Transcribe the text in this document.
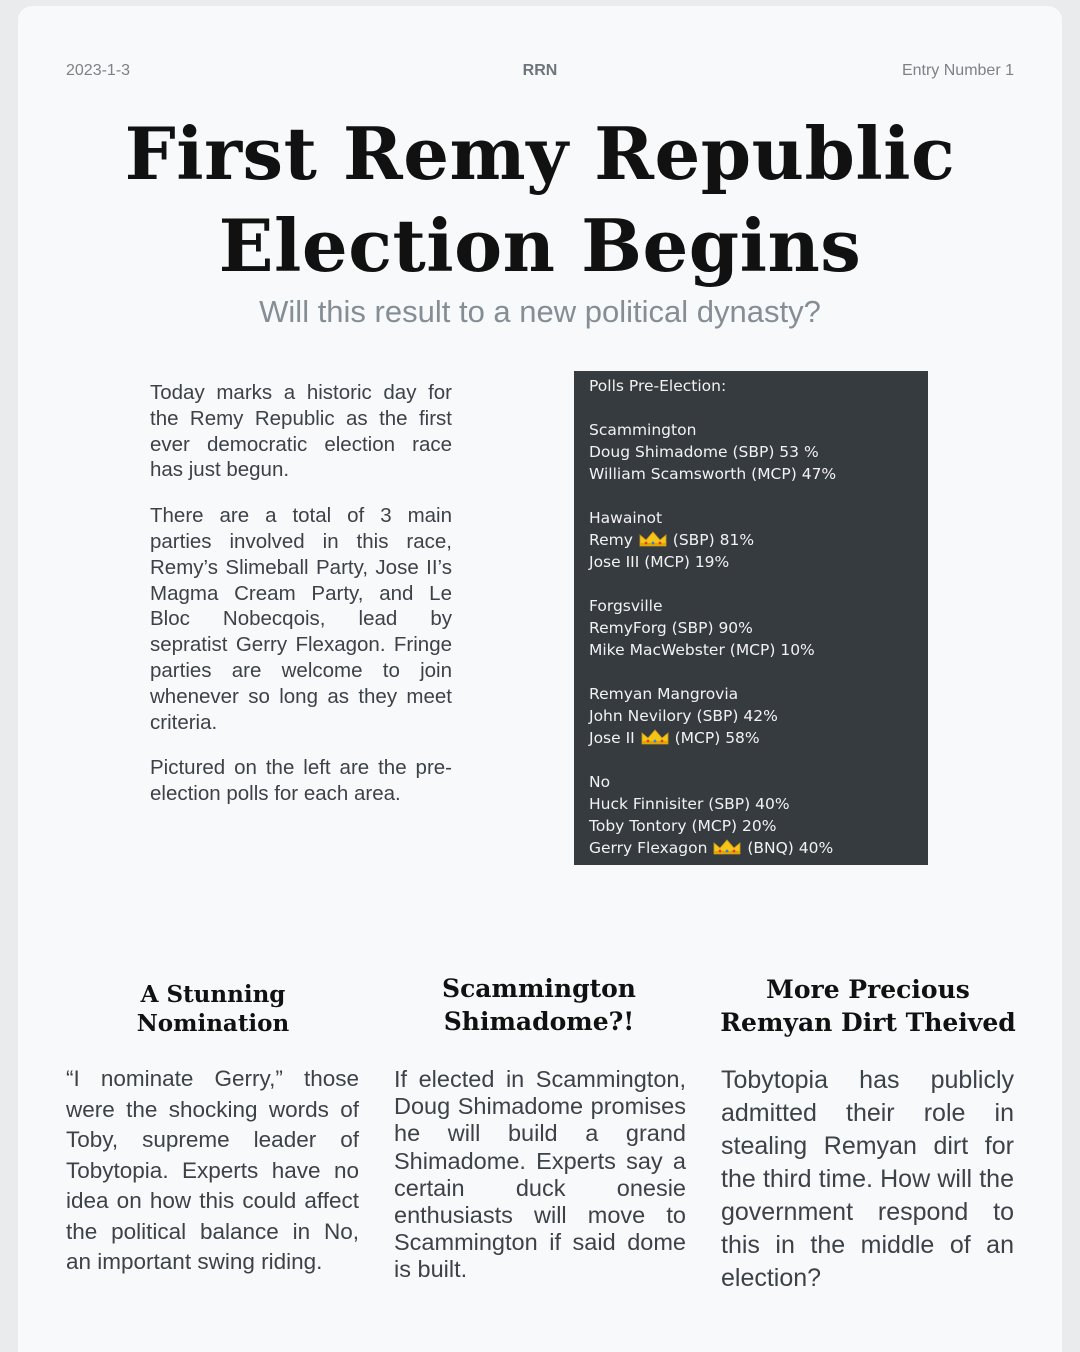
2023-1-3	RRN	Entry Number 1
First Remy Republic
Election Begins
Will this result to a new political dynasty?

Today marks a historic day for the Remy Republic as the first ever democratic election race has just begun.

There are a total of 3 main parties involved in this race, Remy’s Slimeball Party, Jose II’s Magma Cream Party, and Le Bloc Nobecqois, lead by sepratist Gerry Flexagon. Fringe parties are welcome to join whenever so long as they meet criteria.

Pictured on the left are the pre-election polls for each area.

Polls Pre-Election:
Scammington
Doug Shimadome (SBP) 53 %
William Scamsworth (MCP) 47%
Hawainot
Remy	(SBP) 81%
Jose III (MCP) 19%
Forgsville
RemyForg (SBP) 90%
Mike MacWebster (MCP) 10%
Remyan Mangrovia
John Nevilory (SBP) 42%
Jose II	(MCP) 58%
No
Huck Finnisiter (SBP) 40%
Toby Tontory (MCP) 20%
Gerry Flexagon	(BNQ) 40%
A Stunning
Nomination
Scammington
Shimadome?!
More Precious
Remyan Dirt Theived
“I nominate Gerry,” those were the shocking words of Toby, supreme leader of Tobytopia. Experts have no idea on how this could affect the political balance in No, an important swing riding.
If elected in Scammington, Doug Shimadome promises he will build a grand Shimadome. Experts say a certain duck onesie enthusiasts will move to Scammington if said dome is built.
Tobytopia has publicly admitted their role in stealing Remyan dirt for the third time. How will the government respond to this in the middle of an election?
